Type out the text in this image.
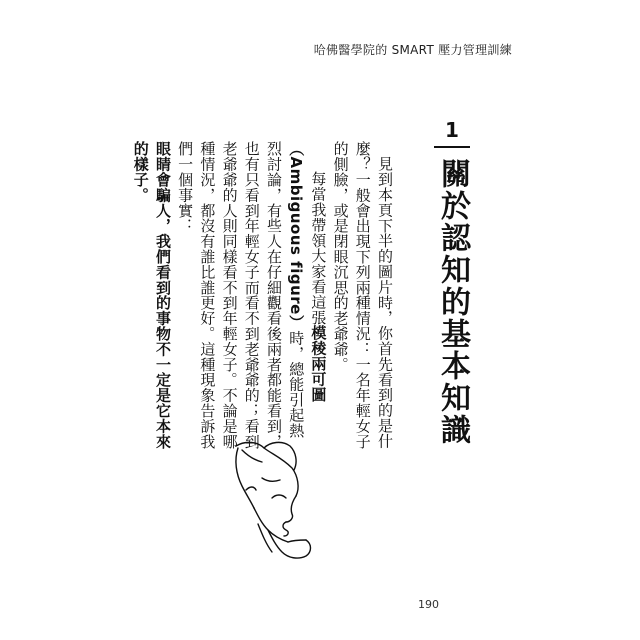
哈佛醫學院的 SMART 壓力管理訓練
1
關於認知的基本知識

見到本頁下半的圖片時，你首先看到的是什麼？一般會出現下列兩種情況：一名年輕女子的側臉，或是閉眼沉思的老爺爺。

每當我帶領大家看這張模稜兩可圖（Ambiguous figure）時，總能引起熱烈討論，有些人在仔細觀看後兩者都能看到，也有只看到年輕女子而看不到老爺爺的；看到老爺爺的人則同樣看不到年輕女子。不論是哪種情況，都沒有誰比誰更好。這種現象告訴我們一個事實：

眼睛會騙人，我們看到的事物不一定是它本來的樣子。

190
